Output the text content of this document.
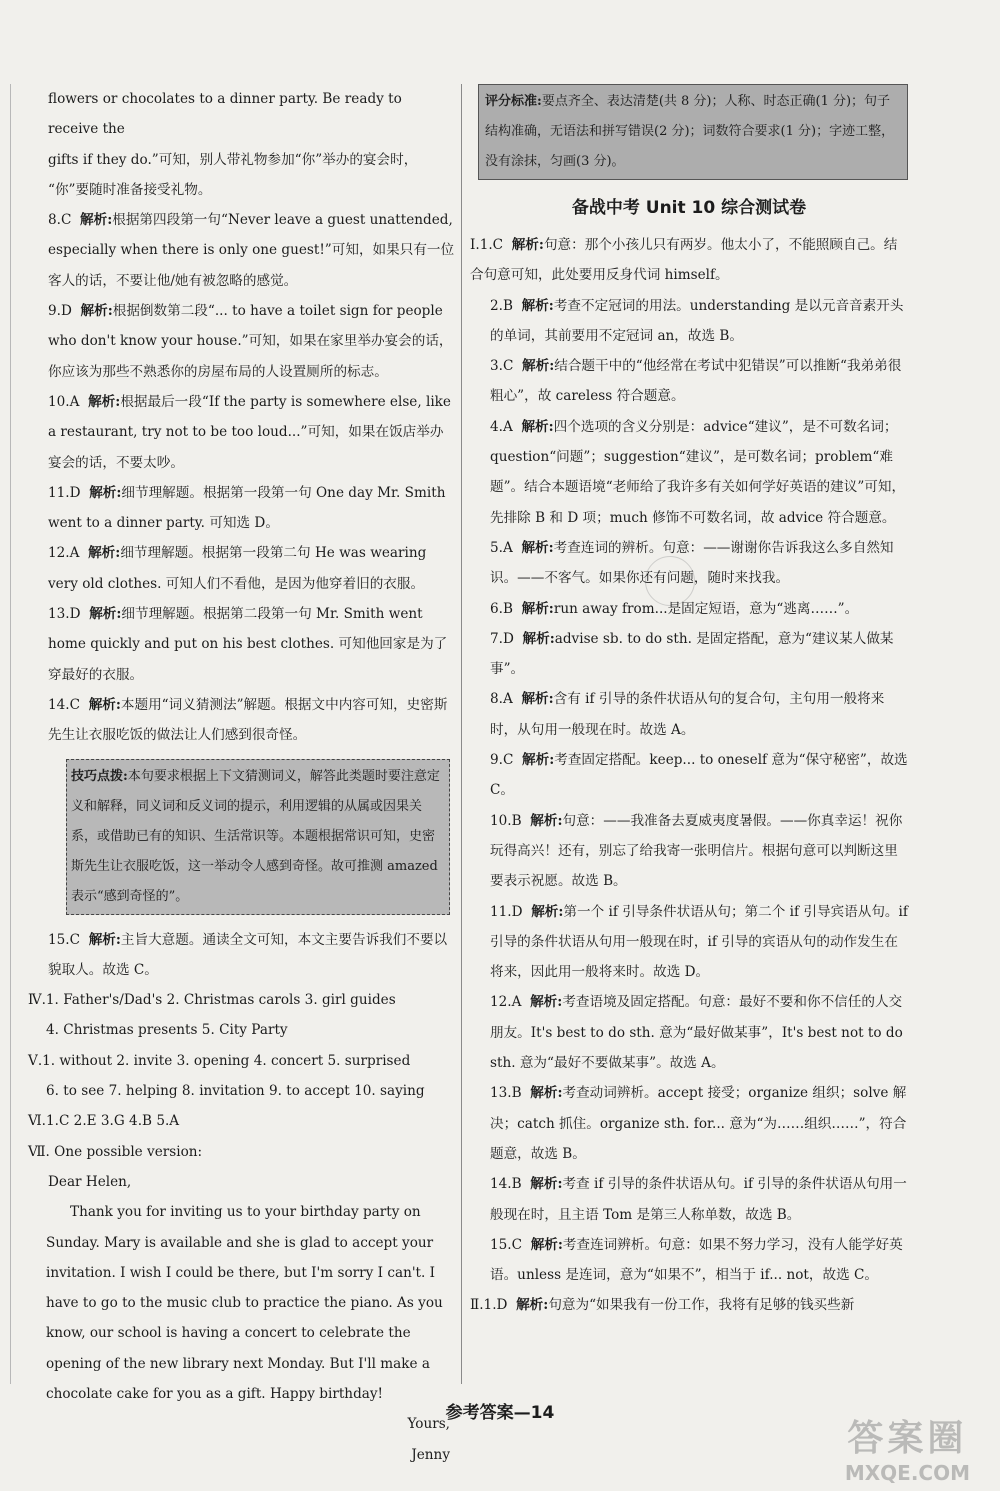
flowers or chocolates to a dinner party. Be ready to receive the
gifts if they do.”可知，别人带礼物参加“你”举办的宴会时，
“你”要随时准备接受礼物。

8.C 解析:根据第四段第一句“Never leave a guest unattended, especially when there is only one guest!”可知，如果只有一位客人的话，不要让他/她有被忽略的感觉。

9.D 解析:根据倒数第二段“... to have a toilet sign for people who don't know your house.”可知，如果在家里举办宴会的话，你应该为那些不熟悉你的房屋布局的人设置厕所的标志。

10.A 解析:根据最后一段“If the party is somewhere else, like a restaurant, try not to be too loud...”可知，如果在饭店举办宴会的话，不要太吵。

11.D 解析:细节理解题。根据第一段第一句 One day Mr. Smith went to a dinner party. 可知选 D。

12.A 解析:细节理解题。根据第一段第二句 He was wearing very old clothes. 可知人们不看他，是因为他穿着旧的衣服。

13.D 解析:细节理解题。根据第二段第一句 Mr. Smith went home quickly and put on his best clothes. 可知他回家是为了穿最好的衣服。

14.C 解析:本题用“词义猜测法”解题。根据文中内容可知，史密斯先生让衣服吃饭的做法让人们感到很奇怪。

技巧点拨:本句要求根据上下文猜测词义，解答此类题时要注意定义和解释，同义词和反义词的提示，利用逻辑的从属或因果关系，或借助已有的知识、生活常识等。本题根据常识可知，史密斯先生让衣服吃饭，这一举动令人感到奇怪。故可推测 amazed 表示“感到奇怪的”。

15.C 解析:主旨大意题。通读全文可知，本文主要告诉我们不要以貌取人。故选 C。

Ⅳ.1. Father's/Dad's 2. Christmas carols 3. girl guides
4. Christmas presents 5. City Party

Ⅴ.1. without 2. invite 3. opening 4. concert 5. surprised
6. to see 7. helping 8. invitation 9. to accept 10. saying

Ⅵ.1.C 2.E 3.G 4.B 5.A

Ⅶ. One possible version:

Dear Helen,

Thank you for inviting us to your birthday party on Sunday. Mary is available and she is glad to accept your invitation. I wish I could be there, but I'm sorry I can't. I have to go to the music club to practice the piano. As you know, our school is having a concert to celebrate the opening of the new library next Monday. But I'll make a chocolate cake for you as a gift. Happy birthday!

Yours,

Jenny

评分标准:要点齐全、表达清楚(共 8 分)；人称、时态正确(1 分)；句子结构准确，无语法和拼写错误(2 分)；词数符合要求(1 分)；字迹工整，没有涂抹，匀画(3 分)。
备战中考 Unit 10 综合测试卷

Ⅰ.1.C 解析:句意：那个小孩儿只有两岁。他太小了，不能照顾自己。结合句意可知，此处要用反身代词 himself。

2.B 解析:考查不定冠词的用法。understanding 是以元音音素开头的单词，其前要用不定冠词 an，故选 B。

3.C 解析:结合题干中的“他经常在考试中犯错误”可以推断“我弟弟很粗心”，故 careless 符合题意。

4.A 解析:四个选项的含义分别是：advice“建议”，是不可数名词；question“问题”；suggestion“建议”，是可数名词；problem“难题”。结合本题语境“老师给了我许多有关如何学好英语的建议”可知，先排除 B 和 D 项；much 修饰不可数名词，故 advice 符合题意。

5.A 解析:考查连词的辨析。句意：——谢谢你告诉我这么多自然知识。——不客气。如果你还有问题，随时来找我。

6.B 解析:run away from...是固定短语，意为“逃离……”。

7.D 解析:advise sb. to do sth. 是固定搭配，意为“建议某人做某事”。

8.A 解析:含有 if 引导的条件状语从句的复合句，主句用一般将来时，从句用一般现在时。故选 A。

9.C 解析:考查固定搭配。keep... to oneself 意为“保守秘密”，故选 C。

10.B 解析:句意：——我准备去夏威夷度暑假。——你真幸运！祝你玩得高兴！还有，别忘了给我寄一张明信片。根据句意可以判断这里要表示祝愿。故选 B。

11.D 解析:第一个 if 引导条件状语从句；第二个 if 引导宾语从句。if 引导的条件状语从句用一般现在时，if 引导的宾语从句的动作发生在将来，因此用一般将来时。故选 D。

12.A 解析:考查语境及固定搭配。句意：最好不要和你不信任的人交朋友。It's best to do sth. 意为“最好做某事”，It's best not to do sth. 意为“最好不要做某事”。故选 A。

13.B 解析:考查动词辨析。accept 接受；organize 组织；solve 解决；catch 抓住。organize sth. for... 意为“为……组织……”，符合题意，故选 B。

14.B 解析:考查 if 引导的条件状语从句。if 引导的条件状语从句用一般现在时，且主语 Tom 是第三人称单数，故选 B。

15.C 解析:考查连词辨析。句意：如果不努力学习，没有人能学好英语。unless 是连词，意为“如果不”，相当于 if... not，故选 C。

Ⅱ.1.D 解析:句意为“如果我有一份工作，我将有足够的钱买些新

参考答案—14
答案圈
MXQE.COM
